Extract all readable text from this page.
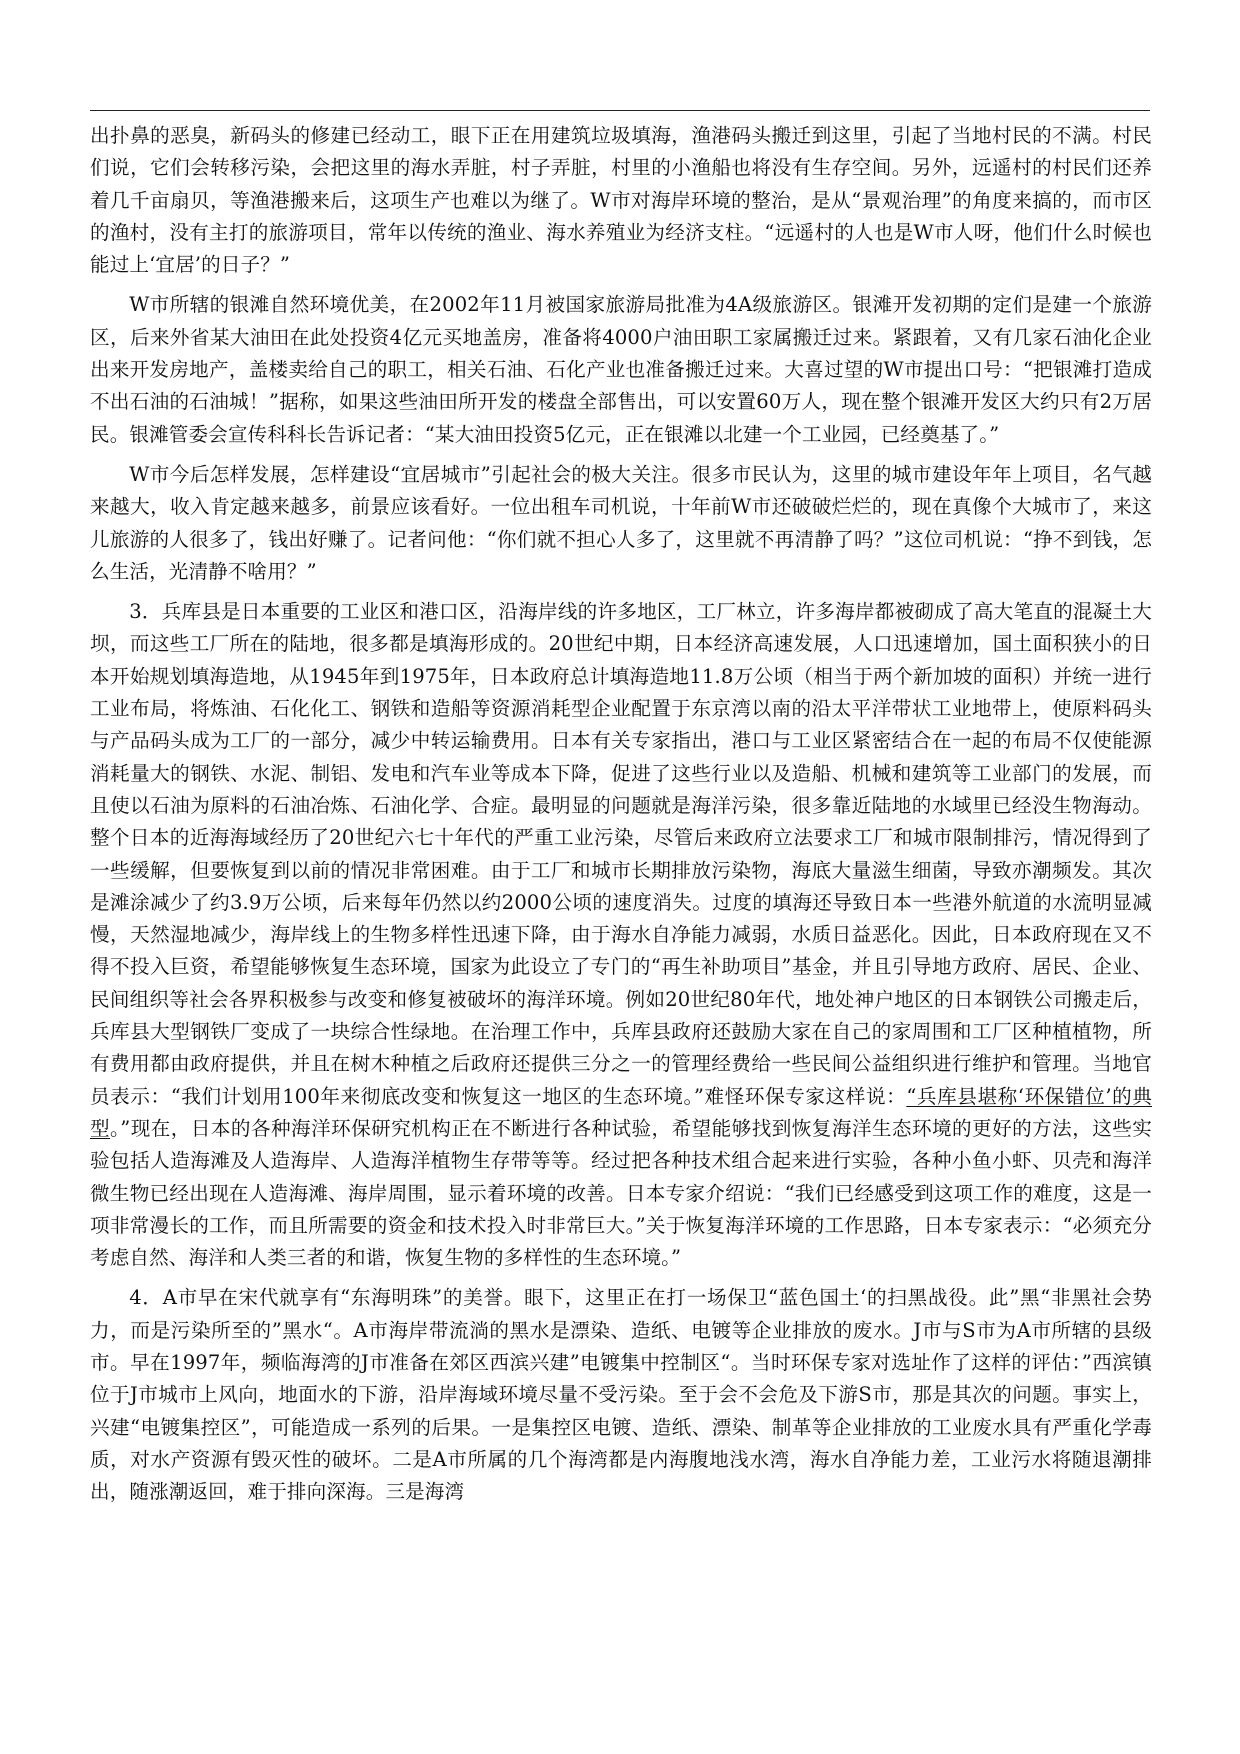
出扑鼻的恶臭，新码头的修建已经动工，眼下正在用建筑垃圾填海，渔港码头搬迁到这里，引起了当地村民的不满。村民们说，它们会转移污染，会把这里的海水弄脏，村子弄脏，村里的小渔船也将没有生存空间。另外，远遥村的村民们还养着几千亩扇贝，等渔港搬来后，这项生产也难以为继了。W市对海岸环境的整治，是从“景观治理”的角度来搞的，而市区的渔村，没有主打的旅游项目，常年以传统的渔业、海水养殖业为经济支柱。“远遥村的人也是W市人呀，他们什么时候也能过上‘宜居’的日子？”

W市所辖的银滩自然环境优美，在2002年11月被国家旅游局批准为4A级旅游区。银滩开发初期的定们是建一个旅游区，后来外省某大油田在此处投资4亿元买地盖房，准备将4000户油田职工家属搬迁过来。紧跟着，又有几家石油化企业出来开发房地产，盖楼卖给自己的职工，相关石油、石化产业也准备搬迁过来。大喜过望的W市提出口号：“把银滩打造成不出石油的石油城！”据称，如果这些油田所开发的楼盘全部售出，可以安置60万人，现在整个银滩开发区大约只有2万居民。银滩管委会宣传科科长告诉记者：“某大油田投资5亿元，正在银滩以北建一个工业园，已经奠基了。”

W市今后怎样发展，怎样建设“宜居城市”引起社会的极大关注。很多市民认为，这里的城市建设年年上项目，名气越来越大，收入肯定越来越多，前景应该看好。一位出租车司机说，十年前W市还破破烂烂的，现在真像个大城市了，来这儿旅游的人很多了，钱出好赚了。记者问他：“你们就不担心人多了，这里就不再清静了吗？”这位司机说：“挣不到钱，怎么生活，光清静不啥用？”

3．兵库县是日本重要的工业区和港口区，沿海岸线的许多地区，工厂林立，许多海岸都被砌成了高大笔直的混凝土大坝，而这些工厂所在的陆地，很多都是填海形成的。20世纪中期，日本经济高速发展，人口迅速增加，国土面积狭小的日本开始规划填海造地，从1945年到1975年，日本政府总计填海造地11.8万公顷（相当于两个新加坡的面积）并统一进行工业布局，将炼油、石化化工、钢铁和造船等资源消耗型企业配置于东京湾以南的沿太平洋带状工业地带上，使原料码头与产品码头成为工厂的一部分，减少中转运输费用。日本有关专家指出，港口与工业区紧密结合在一起的布局不仅使能源消耗量大的钢铁、水泥、制铝、发电和汽车业等成本下降，促进了这些行业以及造船、机械和建筑等工业部门的发展，而且使以石油为原料的石油冶炼、石油化学、合症。最明显的问题就是海洋污染，很多靠近陆地的水域里已经没生物海动。整个日本的近海海域经历了20世纪六七十年代的严重工业污染，尽管后来政府立法要求工厂和城市限制排污，情况得到了一些缓解，但要恢复到以前的情况非常困难。由于工厂和城市长期排放污染物，海底大量滋生细菌，导致亦潮频发。其次是滩涂减少了约3.9万公顷，后来每年仍然以约2000公顷的速度消失。过度的填海还导致日本一些港外航道的水流明显减慢，天然湿地减少，海岸线上的生物多样性迅速下降，由于海水自净能力减弱，水质日益恶化。因此，日本政府现在又不得不投入巨资，希望能够恢复生态环境，国家为此设立了专门的“再生补助项目”基金，并且引导地方政府、居民、企业、民间组织等社会各界积极参与改变和修复被破坏的海洋环境。例如20世纪80年代，地处神户地区的日本钢铁公司搬走后，兵库县大型钢铁厂变成了一块综合性绿地。在治理工作中，兵库县政府还鼓励大家在自己的家周围和工厂区种植植物，所有费用都由政府提供，并且在树木种植之后政府还提供三分之一的管理经费给一些民间公益组织进行维护和管理。当地官员表示：“我们计划用100年来彻底改变和恢复这一地区的生态环境。”难怪环保专家这样说：“兵库县堪称‘环保错位’的典型。”现在，日本的各种海洋环保研究机构正在不断进行各种试验，希望能够找到恢复海洋生态环境的更好的方法，这些实验包括人造海滩及人造海岸、人造海洋植物生存带等等。经过把各种技术组合起来进行实验，各种小鱼小虾、贝壳和海洋微生物已经出现在人造海滩、海岸周围，显示着环境的改善。日本专家介绍说：“我们已经感受到这项工作的难度，这是一项非常漫长的工作，而且所需要的资金和技术投入时非常巨大。”关于恢复海洋环境的工作思路，日本专家表示：“必须充分考虑自然、海洋和人类三者的和谐，恢复生物的多样性的生态环境。”

4．A市早在宋代就享有“东海明珠”的美誉。眼下，这里正在打一场保卫“蓝色国土‘的扫黑战役。此”黑“非黑社会势力，而是污染所至的”黑水“。A市海岸带流淌的黑水是漂染、造纸、电镀等企业排放的废水。J市与S市为A市所辖的县级市。早在1997年，频临海湾的J市准备在郊区西滨兴建”电镀集中控制区“。当时环保专家对选址作了这样的评估：”西滨镇位于J市城市上风向，地面水的下游，沿岸海域环境尽量不受污染。至于会不会危及下游S市，那是其次的问题。事实上，兴建“电镀集控区”，可能造成一系列的后果。一是集控区电镀、造纸、漂染、制革等企业排放的工业废水具有严重化学毒质，对水产资源有毁灭性的破坏。二是A市所属的几个海湾都是内海腹地浅水湾，海水自净能力差，工业污水将随退潮排出，随涨潮返回，难于排向深海。三是海湾
